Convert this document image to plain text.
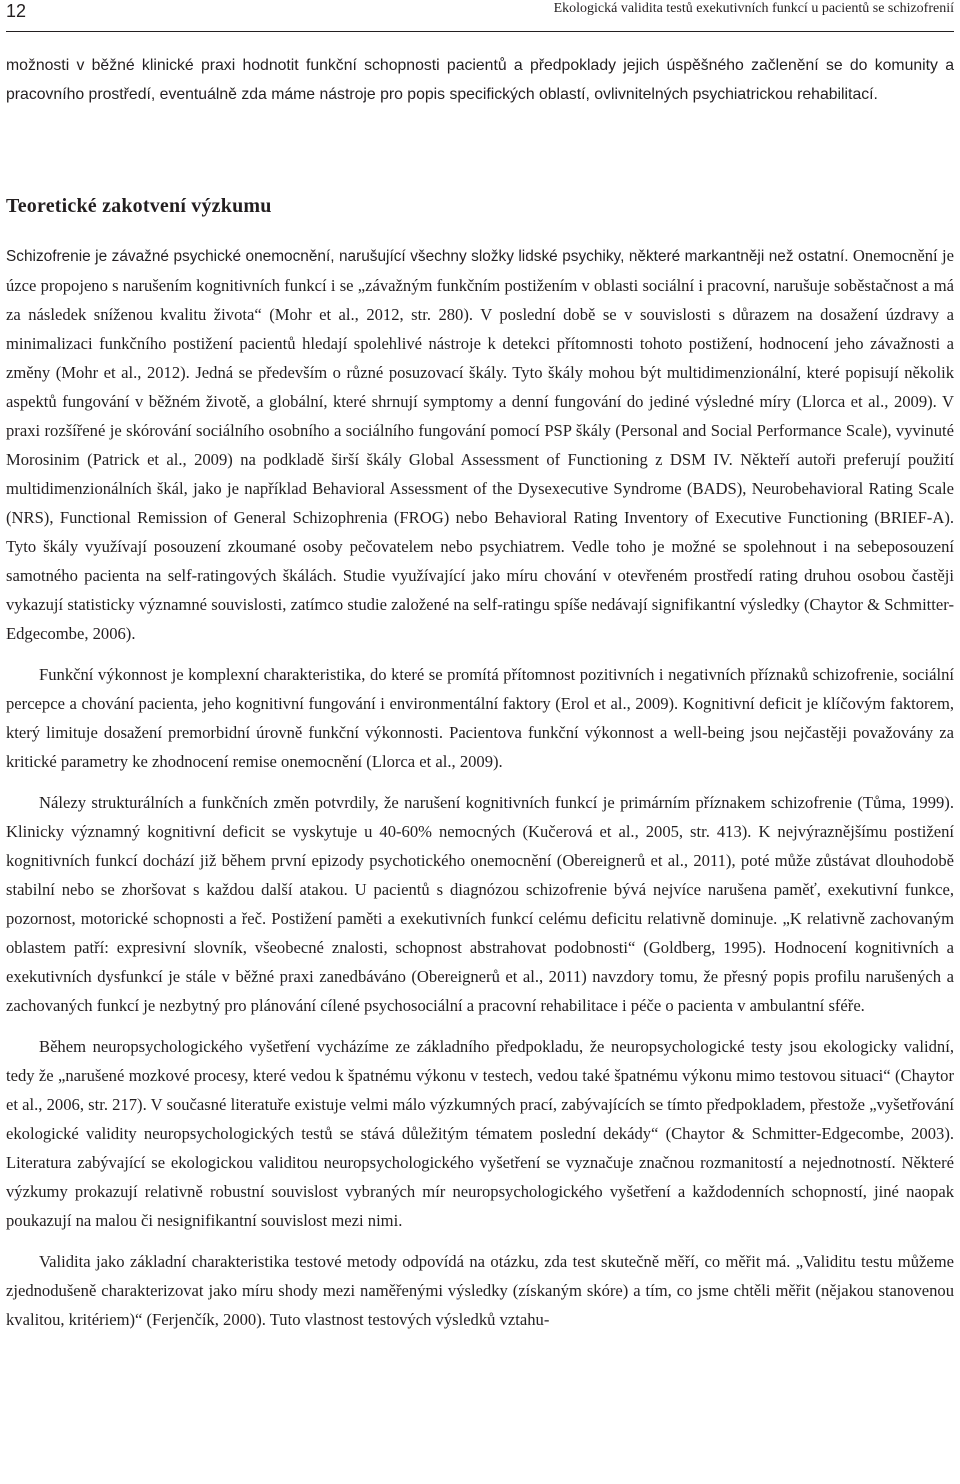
12	Ekologická validita testů exekutivních funkcí u pacientů se schizofrenií

možnosti v běžné klinické praxi hodnotit funkční schopnosti pacientů a předpoklady jejich úspěšného začlenění se do komunity a pracovního prostředí, eventuálně zda máme nástroje pro popis specifických oblastí, ovlivnitelných psychiatrickou rehabilitací.

Teoretické zakotvení výzkumu

Schizofrenie je závažné psychické onemocnění, narušující všechny složky lidské psychiky, některé markantněji než ostatní. Onemocnění je úzce propojeno s narušením kognitivních funkcí i se „závažným funkčním postižením v oblasti sociální i pracovní, narušuje soběstačnost a má za následek sníženou kvalitu života“ (Mohr et al., 2012, str. 280). V poslední době se v souvislosti s důrazem na dosažení úzdravy a minimalizaci funkčního postižení pacientů hledají spolehlivé nástroje k detekci přítomnosti tohoto postižení, hodnocení jeho závažnosti a změny (Mohr et al., 2012). Jedná se především o různé posuzovací škály. Tyto škály mohou být multidimenzionální, které popisují několik aspektů fungování v běžném životě, a globální, které shrnují symptomy a denní fungování do jediné výsledné míry (Llorca et al., 2009). V praxi rozšířené je skórování sociálního osobního a sociálního fungování pomocí PSP škály (Personal and Social Performance Scale), vyvinuté Morosinim (Patrick et al., 2009) na podkladě širší škály Global Assessment of Functioning z DSM IV. Někteří autoři preferují použití multidimenzionálních škál, jako je například Behavioral Assessment of the Dysexecutive Syndrome (BADS), Neurobehavioral Rating Scale (NRS), Functional Remission of General Schizophrenia (FROG) nebo Behavioral Rating Inventory of Executive Functioning (BRIEF-A). Tyto škály využívají posouzení zkoumané osoby pečovatelem nebo psychiatrem. Vedle toho je možné se spolehnout i na sebeposouzení samotného pacienta na self-ratingových škálách. Studie využívající jako míru chování v otevřeném prostředí rating druhou osobou častěji vykazují statisticky významné souvislosti, zatímco studie založené na self-ratingu spíše nedávají signifikantní výsledky (Chaytor & Schmitter- Edgecombe, 2006).

Funkční výkonnost je komplexní charakteristika, do které se promítá přítomnost pozitivních i negativních příznaků schizofrenie, sociální percepce a chování pacienta, jeho kognitivní fungování i environmentální faktory (Erol et al., 2009). Kognitivní deficit je klíčovým faktorem, který limituje dosažení premorbidní úrovně funkční výkonnosti. Pacientova funkční výkonnost a well-being jsou nejčastěji považovány za kritické parametry ke zhodnocení remise onemocnění (Llorca et al., 2009).

Nálezy strukturálních a funkčních změn potvrdily, že narušení kognitivních funkcí je primárním příznakem schizofrenie (Tůma, 1999). Klinicky významný kognitivní deficit se vyskytuje u 40-60% nemocných (Kučerová et al., 2005, str. 413). K nejvýraznějšímu postižení kognitivních funkcí dochází již během první epizody psychotického onemocnění (Obereignerů et al., 2011), poté může zůstávat dlouhodobě stabilní nebo se zhoršovat s každou další atakou. U pacientů s diagnózou schizofrenie bývá nejvíce narušena paměť, exekutivní funkce, pozornost, motorické schopnosti a řeč. Postižení paměti a exekutivních funkcí celému deficitu relativně dominuje. „K relativně zachovaným oblastem patří: expresivní slovník, všeobecné znalosti, schopnost abstrahovat podobnosti“ (Goldberg, 1995). Hodnocení kognitivních a exekutivních dysfunkcí je stále v běžné praxi zanedbáváno (Obereignerů et al., 2011) navzdory tomu, že přesný popis profilu narušených a zachovaných funkcí je nezbytný pro plánování cílené psychosociální a pracovní rehabilitace i péče o pacienta v ambulantní sféře.

Během neuropsychologického vyšetření vycházíme ze základního předpokladu, že neuropsychologické testy jsou ekologicky validní, tedy že „narušené mozkové procesy, které vedou k špatnému výkonu v testech, vedou také špatnému výkonu mimo testovou situaci“ (Chaytor et al., 2006, str. 217). V současné literatuře existuje velmi málo výzkumných prací, zabývajících se tímto předpokladem, přestože „vyšetřování ekologické validity neuropsychologických testů se stává důležitým tématem poslední dekády“ (Chaytor & Schmitter-Edgecombe, 2003). Literatura zabývající se ekologickou validitou neuropsychologického vyšetření se vyznačuje značnou rozmanitostí a nejednotností. Některé výzkumy prokazují relativně robustní souvislost vybraných mír neuropsychologického vyšetření a každodenních schopností, jiné naopak poukazují na malou či nesignifikantní souvislost mezi nimi.

Validita jako základní charakteristika testové metody odpovídá na otázku, zda test skutečně měří, co měřit má. „Validitu testu můžeme zjednodušeně charakterizovat jako míru shody mezi naměřenými výsledky (získaným skóre) a tím, co jsme chtěli měřit (nějakou stanovenou kvalitou, kritériem)“ (Ferjenčík, 2000). Tuto vlastnost testových výsledků vztahu-
